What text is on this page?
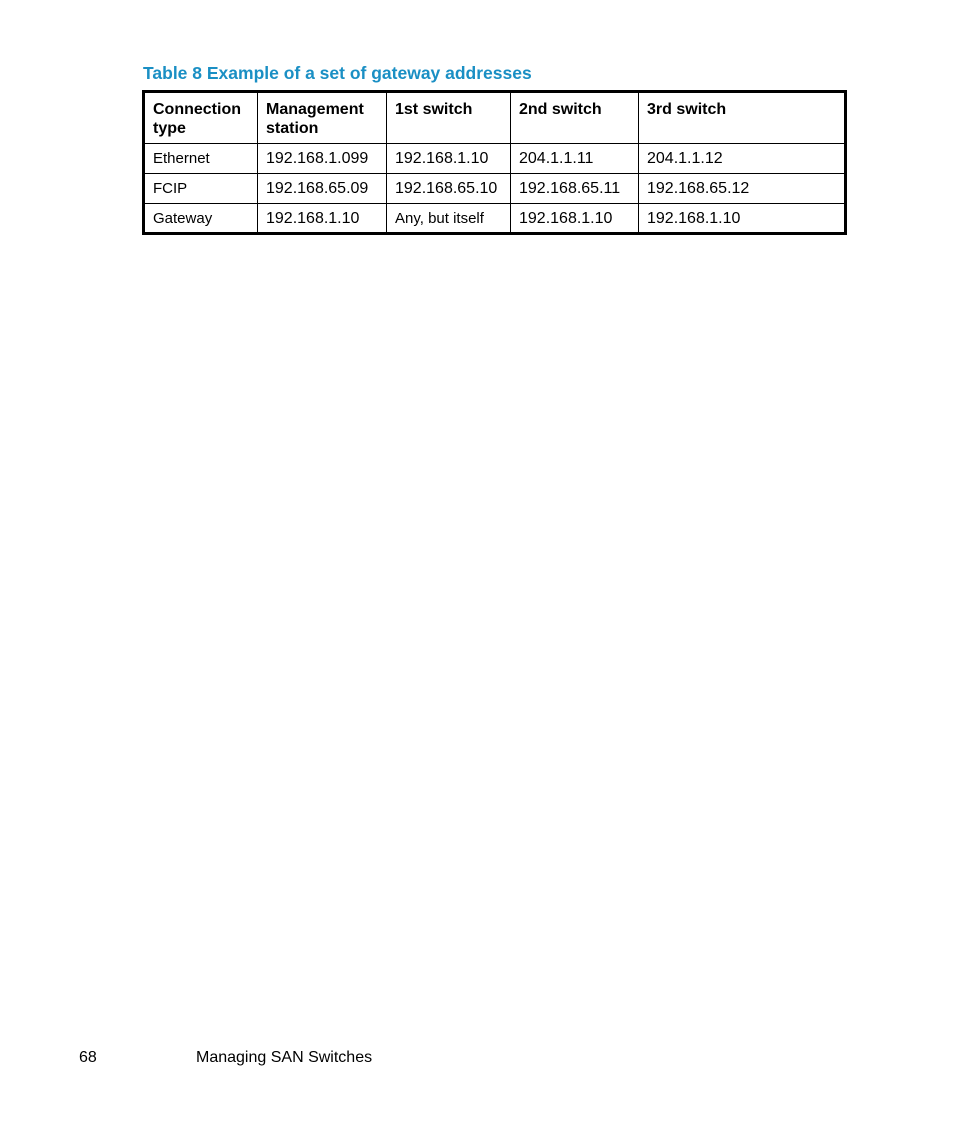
Table 8 Example of a set of gateway addresses
Connection type	Management station	1st switch	2nd switch	3rd switch
Ethernet	192.168.1.099	192.168.1.10	204.1.1.11	204.1.1.12
FCIP	192.168.65.09	192.168.65.10	192.168.65.11	192.168.65.12
Gateway	192.168.1.10	Any, but itself	192.168.1.10	192.168.1.10
68	Managing SAN Switches
